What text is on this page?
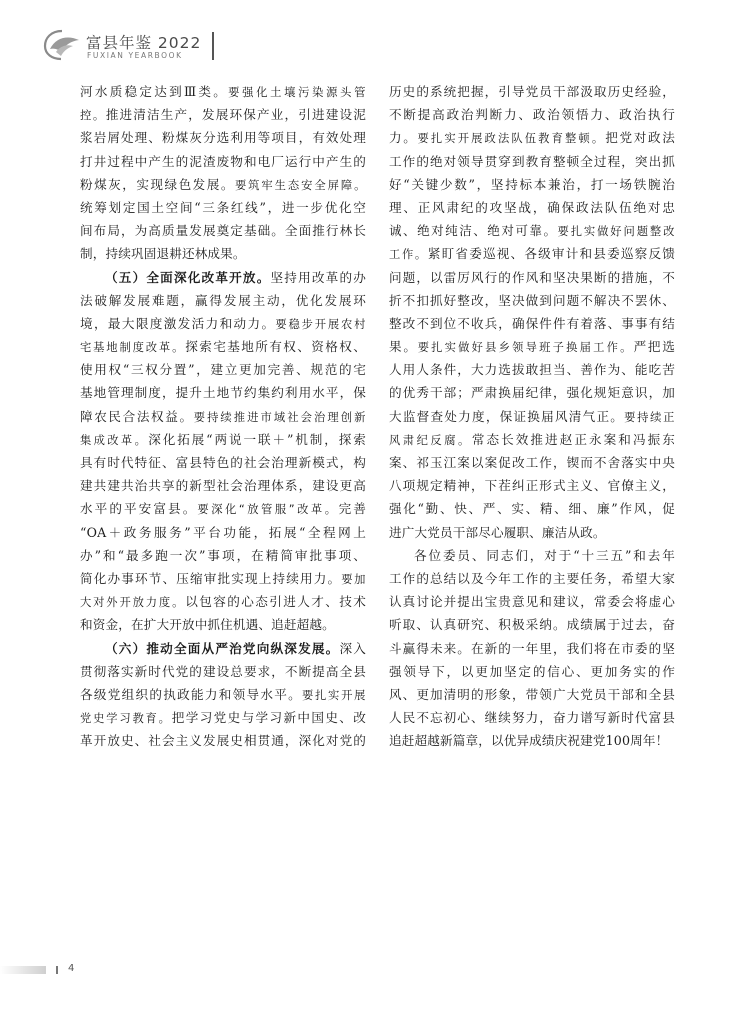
富县年鉴 2022
FUXIAN YEARBOOK
河水质稳定达到Ⅲ类。要强化土壤污染源头管
控。推进清洁生产，发展环保产业，引进建设泥
浆岩屑处理、粉煤灰分选利用等项目，有效处理
打井过程中产生的泥渣废物和电厂运行中产生的
粉煤灰，实现绿色发展。要筑牢生态安全屏障。
统筹划定国土空间“三条红线”，进一步优化空
间布局，为高质量发展奠定基础。全面推行林长
制，持续巩固退耕还林成果。
（五）全面深化改革开放。坚持用改革的办
法破解发展难题，赢得发展主动，优化发展环
境，最大限度激发活力和动力。要稳步开展农村
宅基地制度改革。探索宅基地所有权、资格权、
使用权“三权分置”，建立更加完善、规范的宅
基地管理制度，提升土地节约集约利用水平，保
障农民合法权益。要持续推进市域社会治理创新
集成改革。深化拓展“两说一联＋”机制，探索
具有时代特征、富县特色的社会治理新模式，构
建共建共治共享的新型社会治理体系，建设更高
水平的平安富县。要深化“放管服”改革。完善
“OA＋政务服务”平台功能，拓展“全程网上
办”和“最多跑一次”事项，在精简审批事项、
简化办事环节、压缩审批实现上持续用力。要加
大对外开放力度。以包容的心态引进人才、技术
和资金，在扩大开放中抓住机遇、追赶超越。
（六）推动全面从严治党向纵深发展。深入
贯彻落实新时代党的建设总要求，不断提高全县
各级党组织的执政能力和领导水平。要扎实开展
党史学习教育。把学习党史与学习新中国史、改
革开放史、社会主义发展史相贯通，深化对党的
历史的系统把握，引导党员干部汲取历史经验，
不断提高政治判断力、政治领悟力、政治执行
力。要扎实开展政法队伍教育整顿。把党对政法
工作的绝对领导贯穿到教育整顿全过程，突出抓
好“关键少数”，坚持标本兼治，打一场铁腕治
理、正风肃纪的攻坚战，确保政法队伍绝对忠
诚、绝对纯洁、绝对可靠。要扎实做好问题整改
工作。紧盯省委巡视、各级审计和县委巡察反馈
问题，以雷厉风行的作风和坚决果断的措施，不
折不扣抓好整改，坚决做到问题不解决不罢休、
整改不到位不收兵，确保件件有着落、事事有结
果。要扎实做好县乡领导班子换届工作。严把选
人用人条件，大力选拔敢担当、善作为、能吃苦
的优秀干部；严肃换届纪律，强化规矩意识，加
大监督查处力度，保证换届风清气正。要持续正
风肃纪反腐。常态长效推进赵正永案和冯振东
案、祁玉江案以案促改工作，锲而不舍落实中央
八项规定精神，下茬纠正形式主义、官僚主义，
强化“勤、快、严、实、精、细、廉”作风，促
进广大党员干部尽心履职、廉洁从政。
各位委员、同志们，对于“十三五”和去年
工作的总结以及今年工作的主要任务，希望大家
认真讨论并提出宝贵意见和建议，常委会将虚心
听取、认真研究、积极采纳。成绩属于过去，奋
斗赢得未来。在新的一年里，我们将在市委的坚
强领导下，以更加坚定的信心、更加务实的作
风、更加清明的形象，带领广大党员干部和全县
人民不忘初心、继续努力，奋力谱写新时代富县
追赶超越新篇章，以优异成绩庆祝建党100周年！
4
